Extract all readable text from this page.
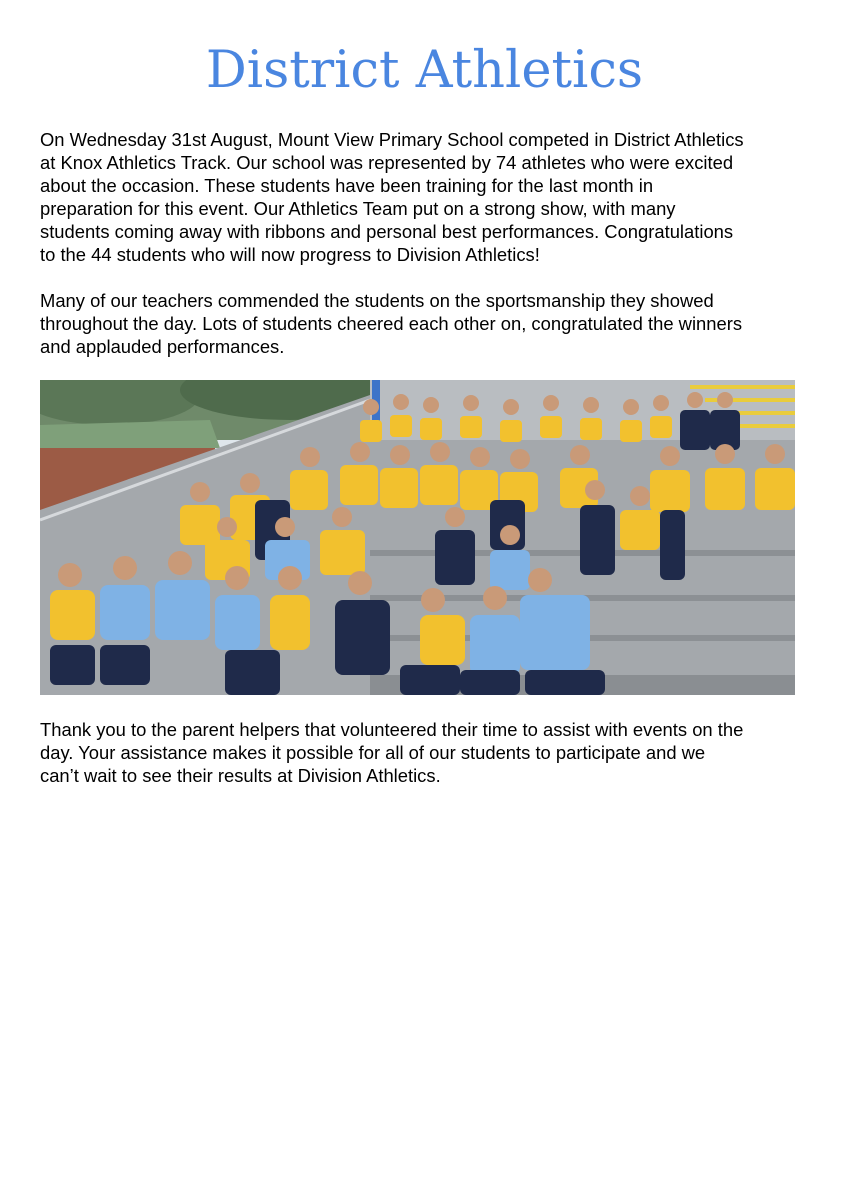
District Athletics
On Wednesday 31st August, Mount View Primary School competed in District Athletics
at Knox Athletics Track. Our school was represented by 74 athletes who were excited
about the occasion. These students have been training for the last month in
preparation for this event. Our Athletics Team put on a strong show, with many
students coming away with ribbons and personal best performances. Congratulations
to the 44 students who will now progress to Division Athletics!
Many of our teachers commended the students on the sportsmanship they showed
throughout the day. Lots of students cheered each other on, congratulated the winners
and applauded performances.
Thank you to the parent helpers that volunteered their time to assist with events on the
day. Your assistance makes it possible for all of our students to participate and we
can’t wait to see their results at Division Athletics.
